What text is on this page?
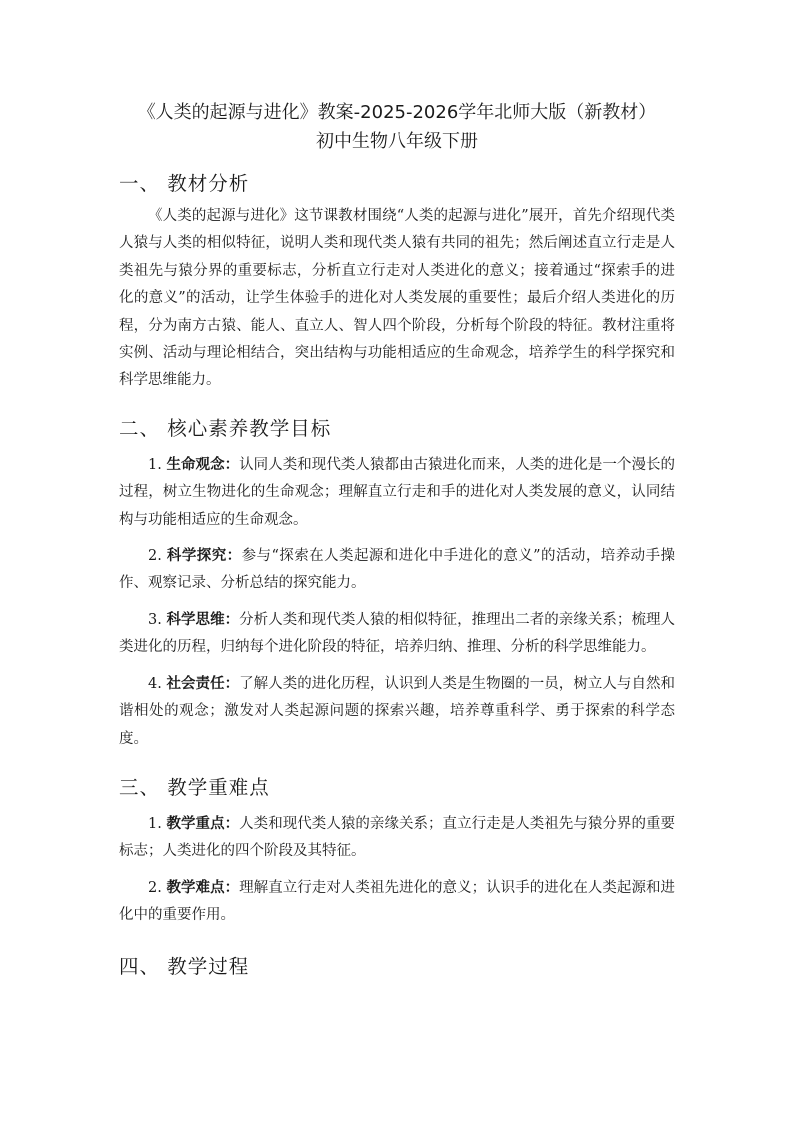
《人类的起源与进化》教案-2025-2026学年北师大版（新教材）
初中生物八年级下册
一、 教材分析

《人类的起源与进化》这节课教材围绕“人类的起源与进化”展开，首先介绍现代类人猿与人类的相似特征，说明人类和现代类人猿有共同的祖先；然后阐述直立行走是人类祖先与猿分界的重要标志，分析直立行走对人类进化的意义；接着通过“探索手的进化的意义”的活动，让学生体验手的进化对人类发展的重要性；最后介绍人类进化的历程，分为南方古猿、能人、直立人、智人四个阶段，分析每个阶段的特征。教材注重将实例、活动与理论相结合，突出结构与功能相适应的生命观念，培养学生的科学探究和科学思维能力。

二、 核心素养教学目标

1. 生命观念：认同人类和现代类人猿都由古猿进化而来，人类的进化是一个漫长的过程，树立生物进化的生命观念；理解直立行走和手的进化对人类发展的意义，认同结构与功能相适应的生命观念。

2. 科学探究：参与“探索在人类起源和进化中手进化的意义”的活动，培养动手操作、观察记录、分析总结的探究能力。

3. 科学思维：分析人类和现代类人猿的相似特征，推理出二者的亲缘关系；梳理人类进化的历程，归纳每个进化阶段的特征，培养归纳、推理、分析的科学思维能力。

4. 社会责任：了解人类的进化历程，认识到人类是生物圈的一员，树立人与自然和谐相处的观念；激发对人类起源问题的探索兴趣，培养尊重科学、勇于探索的科学态度。

三、 教学重难点

1. 教学重点：人类和现代类人猿的亲缘关系；直立行走是人类祖先与猿分界的重要标志；人类进化的四个阶段及其特征。

2. 教学难点：理解直立行走对人类祖先进化的意义；认识手的进化在人类起源和进化中的重要作用。

四、 教学过程
